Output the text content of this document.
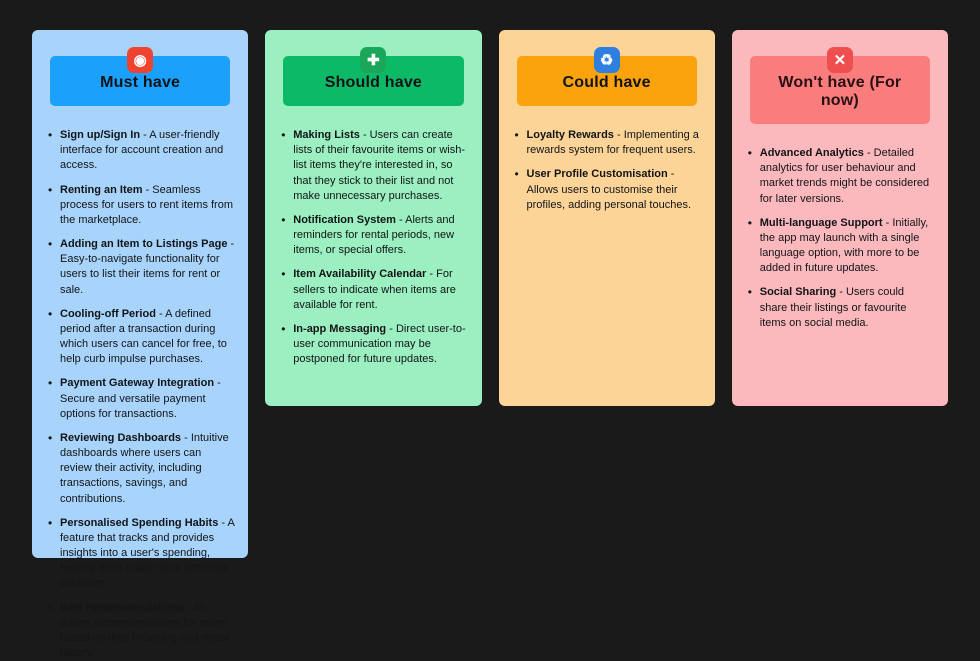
◉
Must have
• Sign up/Sign In - A user-friendly interface for account creation and access.
• Renting an Item - Seamless process for users to rent items from the marketplace.
• Adding an Item to Listings Page - Easy-to-navigate functionality for users to list their items for rent or sale.
• Cooling-off Period - A defined period after a transaction during which users can cancel for free, to help curb impulse purchases.
• Payment Gateway Integration - Secure and versatile payment options for transactions.
• Reviewing Dashboards - Intuitive dashboards where users can review their activity, including transactions, savings, and contributions.
• Personalised Spending Habits - A feature that tracks and provides insights into a user's spending, helping them make more informed decisions.
• Item Recommendations - AI-driven recommendations for users based on their browsing and rental history.
✚
Should have
• Making Lists - Users can create lists of their favourite items or wish-list items they're interested in, so that they stick to their list and not make unnecessary purchases.
• Notification System - Alerts and reminders for rental periods, new items, or special offers.
• Item Availability Calendar - For sellers to indicate when items are available for rent.
• In-app Messaging - Direct user-to-user communication may be postponed for future updates.
♻
Could have
• Loyalty Rewards - Implementing a rewards system for frequent users.
• User Profile Customisation - Allows users to customise their profiles, adding personal touches.
✕
Won't have (For now)
• Advanced Analytics - Detailed analytics for user behaviour and market trends might be considered for later versions.
• Multi-language Support - Initially, the app may launch with a single language option, with more to be added in future updates.
• Social Sharing - Users could share their listings or favourite items on social media.
